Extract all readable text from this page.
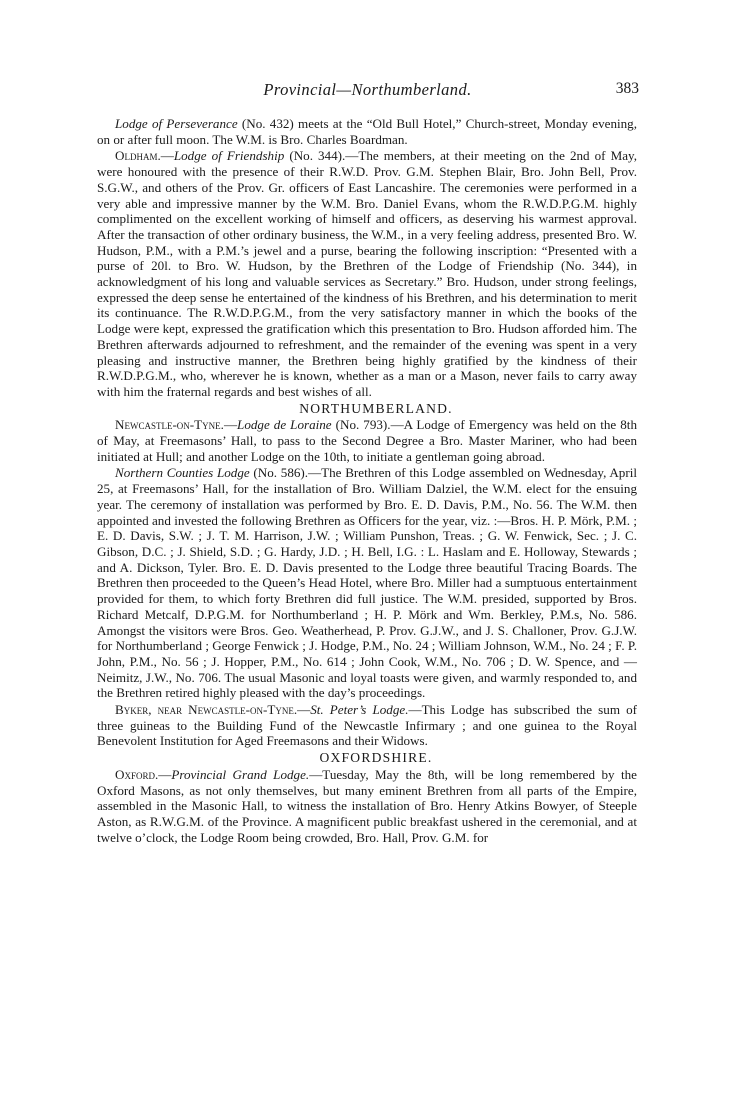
Provincial—Northumberland.	383

Lodge of Perseverance (No. 432) meets at the “Old Bull Hotel,” Church-street, Monday evening, on or after full moon. The W.M. is Bro. Charles Boardman.

Oldham.—Lodge of Friendship (No. 344).—The members, at their meeting on the 2nd of May, were honoured with the presence of their R.W.D. Prov. G.M. Stephen Blair, Bro. John Bell, Prov. S.G.W., and others of the Prov. Gr. officers of East Lancashire. The ceremonies were performed in a very able and impressive manner by the W.M. Bro. Daniel Evans, whom the R.W.D.P.G.M. highly complimented on the excellent working of himself and officers, as deserving his warmest approval. After the transaction of other ordinary business, the W.M., in a very feeling address, presented Bro. W. Hudson, P.M., with a P.M.’s jewel and a purse, bearing the following inscription: “Presented with a purse of 20l. to Bro. W. Hudson, by the Brethren of the Lodge of Friendship (No. 344), in acknowledgment of his long and valuable services as Secretary.” Bro. Hudson, under strong feelings, expressed the deep sense he entertained of the kindness of his Brethren, and his determination to merit its continuance. The R.W.D.P.G.M., from the very satisfactory manner in which the books of the Lodge were kept, expressed the gratification which this presentation to Bro. Hudson afforded him. The Brethren afterwards adjourned to refreshment, and the remainder of the evening was spent in a very pleasing and instructive manner, the Brethren being highly gratified by the kindness of their R.W.D.P.G.M., who, wherever he is known, whether as a man or a Mason, never fails to carry away with him the fraternal regards and best wishes of all.

NORTHUMBERLAND.

Newcastle-on-Tyne.—Lodge de Loraine (No. 793).—A Lodge of Emergency was held on the 8th of May, at Freemasons’ Hall, to pass to the Second Degree a Bro. Master Mariner, who had been initiated at Hull; and another Lodge on the 10th, to initiate a gentleman going abroad.

Northern Counties Lodge (No. 586).—The Brethren of this Lodge assembled on Wednesday, April 25, at Freemasons’ Hall, for the installation of Bro. William Dalziel, the W.M. elect for the ensuing year. The ceremony of installation was performed by Bro. E. D. Davis, P.M., No. 56. The W.M. then appointed and invested the following Brethren as Officers for the year, viz. :—Bros. H. P. Mörk, P.M. ; E. D. Davis, S.W. ; J. T. M. Harrison, J.W. ; William Punshon, Treas. ; G. W. Fenwick, Sec. ; J. C. Gibson, D.C. ; J. Shield, S.D. ; G. Hardy, J.D. ; H. Bell, I.G. : L. Haslam and E. Holloway, Stewards ; and A. Dickson, Tyler. Bro. E. D. Davis presented to the Lodge three beautiful Tracing Boards. The Brethren then proceeded to the Queen’s Head Hotel, where Bro. Miller had a sumptuous entertainment provided for them, to which forty Brethren did full justice. The W.M. presided, supported by Bros. Richard Metcalf, D.P.G.M. for Northumberland ; H. P. Mörk and Wm. Berkley, P.M.s, No. 586. Amongst the visitors were Bros. Geo. Weatherhead, P. Prov. G.J.W., and J. S. Challoner, Prov. G.J.W. for Northumberland ; George Fenwick ; J. Hodge, P.M., No. 24 ; William Johnson, W.M., No. 24 ; F. P. John, P.M., No. 56 ; J. Hopper, P.M., No. 614 ; John Cook, W.M., No. 706 ; D. W. Spence, and — Neimitz, J.W., No. 706. The usual Masonic and loyal toasts were given, and warmly responded to, and the Brethren retired highly pleased with the day’s proceedings.

Byker, near Newcastle-on-Tyne.—St. Peter’s Lodge.—This Lodge has subscribed the sum of three guineas to the Building Fund of the Newcastle Infirmary ; and one guinea to the Royal Benevolent Institution for Aged Freemasons and their Widows.

OXFORDSHIRE.

Oxford.—Provincial Grand Lodge.—Tuesday, May the 8th, will be long remembered by the Oxford Masons, as not only themselves, but many eminent Brethren from all parts of the Empire, assembled in the Masonic Hall, to witness the installation of Bro. Henry Atkins Bowyer, of Steeple Aston, as R.W.G.M. of the Province. A magnificent public breakfast ushered in the ceremonial, and at twelve o’clock, the Lodge Room being crowded, Bro. Hall, Prov. G.M. for
